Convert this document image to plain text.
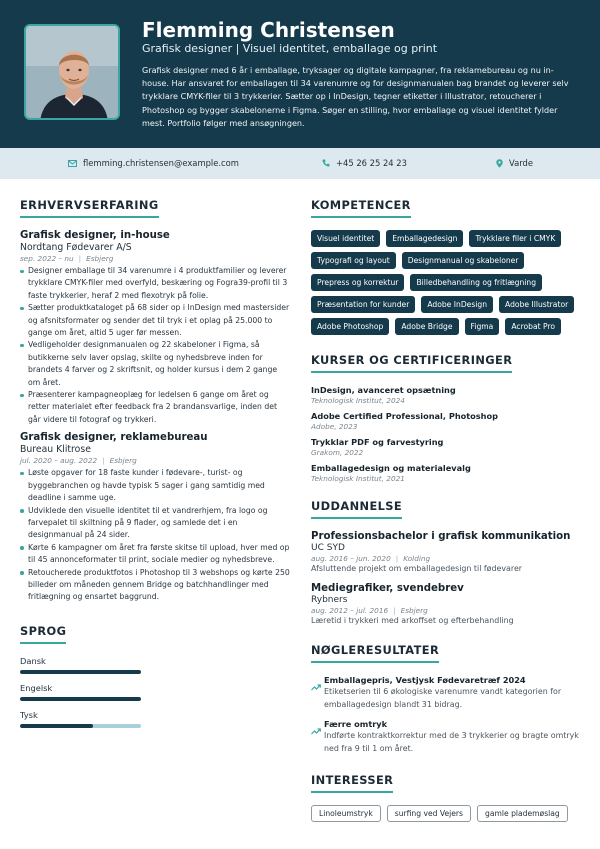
Flemming Christensen
Grafisk designer | Visuel identitet, emballage og print
Grafisk designer med 6 år i emballage, tryksager og digitale kampagner, fra reklamebureau og nu in-house. Har ansvaret for emballagen til 34 varenumre og for designmanualen bag brandet og leverer selv trykklare CMYK-filer til 3 trykkerier. Sætter op i InDesign, tegner etiketter i Illustrator, retoucherer i Photoshop og bygger skabelonerne i Figma. Søger en stilling, hvor emballage og visuel identitet fylder mest. Portfolio følger med ansøgningen.
flemming.christensen@example.com	+45 26 25 24 23	Varde
ERHVERVSERFARING
Grafisk designer, in-house
Nordtang Fødevarer A/S
sep. 2022 – nu | Esbjerg
Designer emballage til 34 varenumre i 4 produktfamilier og leverer trykklare CMYK-filer med overfyld, beskæring og Fogra39-profil til 3 faste trykkerier, heraf 2 med flexotryk på folie.
Sætter produktkataloget på 68 sider op i InDesign med mastersider og afsnitsformater og sender det til tryk i et oplag på 25.000 to gange om året, altid 5 uger før messen.
Vedligeholder designmanualen og 22 skabeloner i Figma, så butikkerne selv laver opslag, skilte og nyhedsbreve inden for brandets 4 farver og 2 skriftsnit, og holder kursus i dem 2 gange om året.
Præsenterer kampagneoplæg for ledelsen 6 gange om året og retter materialet efter feedback fra 2 brandansvarlige, inden det går videre til fotograf og trykkeri.
Grafisk designer, reklamebureau
Bureau Klitrose
jul. 2020 – aug. 2022 | Esbjerg
Løste opgaver for 18 faste kunder i fødevare-, turist- og byggebranchen og havde typisk 5 sager i gang samtidig med deadline i samme uge.
Udviklede den visuelle identitet til et vandrerhjem, fra logo og farvepalet til skiltning på 9 flader, og samlede det i en designmanual på 24 sider.
Kørte 6 kampagner om året fra første skitse til upload, hver med op til 45 annonceformater til print, sociale medier og nyhedsbreve.
Retoucherede produktfotos i Photoshop til 3 webshops og kørte 250 billeder om måneden gennem Bridge og batchhandlinger med fritlægning og ensartet baggrund.
SPROG
Dansk
Engelsk
Tysk
KOMPETENCER
Visuel identitet	Emballagedesign	Trykklare filer i CMYK
Typografi og layout	Designmanual og skabeloner
Prepress og korrektur	Billedbehandling og fritlægning
Præsentation for kunder	Adobe InDesign	Adobe Illustrator
Adobe Photoshop	Adobe Bridge	Figma	Acrobat Pro
KURSER OG CERTIFICERINGER
InDesign, avanceret opsætning
Teknologisk Institut, 2024
Adobe Certified Professional, Photoshop
Adobe, 2023
Trykklar PDF og farvestyring
Grakom, 2022
Emballagedesign og materialevalg
Teknologisk Institut, 2021
UDDANNELSE
Professionsbachelor i grafisk kommunikation
UC SYD
aug. 2016 – jun. 2020 | Kolding
Afsluttende projekt om emballagedesign til fødevarer
Mediegrafiker, svendebrev
Rybners
aug. 2012 – jul. 2016 | Esbjerg
Læretid i trykkeri med arkoffset og efterbehandling
NØGLERESULTATER
Emballagepris, Vestjysk Fødevaretræf 2024
Etiketserien til 6 økologiske varenumre vandt kategorien for emballagedesign blandt 31 bidrag.
Færre omtryk
Indførte kontraktkorrektur med de 3 trykkerier og bragte omtryk ned fra 9 til 1 om året.
INTERESSER
Linoleumstryk	surfing ved Vejers	gamle plademøslag
